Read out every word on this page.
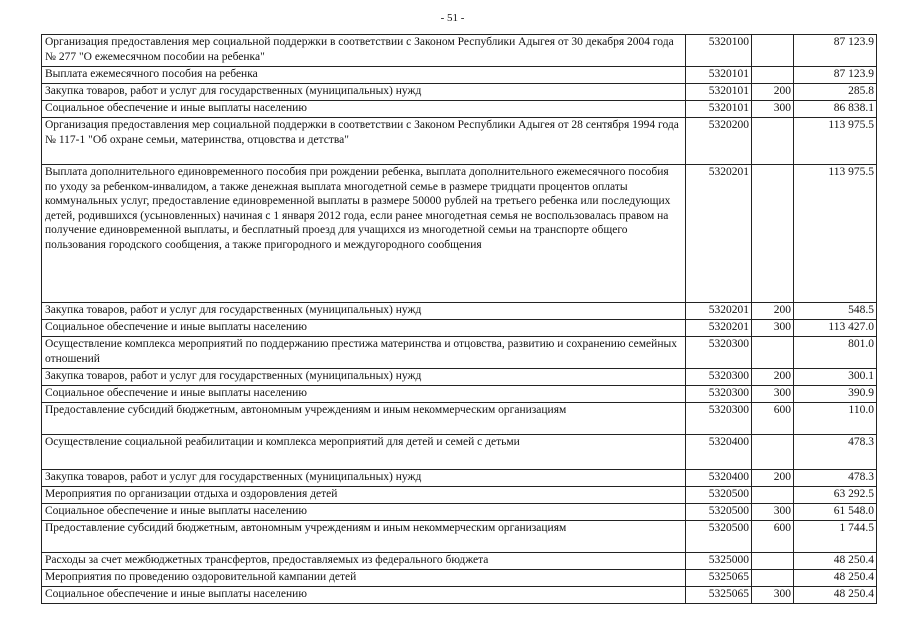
- 51 -
Организация предоставления мер социальной поддержки в соответствии с Законом Республики Адыгея от 30 декабря 2004 года № 277 "О ежемесячном пособии на ребенка"	5320100		87 123.9
Выплата ежемесячного пособия на ребенка	5320101		87 123.9
Закупка товаров, работ и услуг для государственных (муниципальных) нужд	5320101	200	285.8
Социальное обеспечение и иные выплаты населению	5320101	300	86 838.1
Организация предоставления мер социальной поддержки в соответствии с Законом Республики Адыгея от 28 сентября 1994 года № 117-1 "Об охране семьи, материнства, отцовства и детства"	5320200		113 975.5
Выплата дополнительного единовременного пособия при рождении ребенка, выплата дополнительного ежемесячного пособия по уходу за ребенком-инвалидом, а также денежная выплата многодетной семье в размере тридцати процентов оплаты коммунальных услуг, предоставление единовременной выплаты в размере 50000 рублей на третьего ребенка или последующих детей, родившихся (усыновленных) начиная с 1 января 2012 года, если ранее многодетная семья не воспользовалась правом на получение единовременной выплаты, и бесплатный проезд для учащихся из многодетной семьи на транспорте общего пользования городского сообщения, а также пригородного и междугородного сообщения	5320201		113 975.5
Закупка товаров, работ и услуг для государственных (муниципальных) нужд	5320201	200	548.5
Социальное обеспечение и иные выплаты населению	5320201	300	113 427.0
Осуществление комплекса мероприятий по поддержанию престижа материнства и отцовства, развитию и сохранению семейных отношений	5320300		801.0
Закупка товаров, работ и услуг для государственных (муниципальных) нужд	5320300	200	300.1
Социальное обеспечение и иные выплаты населению	5320300	300	390.9
Предоставление субсидий бюджетным, автономным учреждениям и иным некоммерческим организациям	5320300	600	110.0
Осуществление социальной реабилитации и комплекса мероприятий для детей и семей с детьми	5320400		478.3
Закупка товаров, работ и услуг для государственных (муниципальных) нужд	5320400	200	478.3
Мероприятия по организации отдыха и оздоровления детей	5320500		63 292.5
Социальное обеспечение и иные выплаты населению	5320500	300	61 548.0
Предоставление субсидий бюджетным, автономным учреждениям и иным некоммерческим организациям	5320500	600	1 744.5
Расходы за счет межбюджетных трансфертов, предоставляемых из федерального бюджета	5325000		48 250.4
Мероприятия по проведению оздоровительной кампании детей	5325065		48 250.4
Социальное обеспечение и иные выплаты населению	5325065	300	48 250.4
